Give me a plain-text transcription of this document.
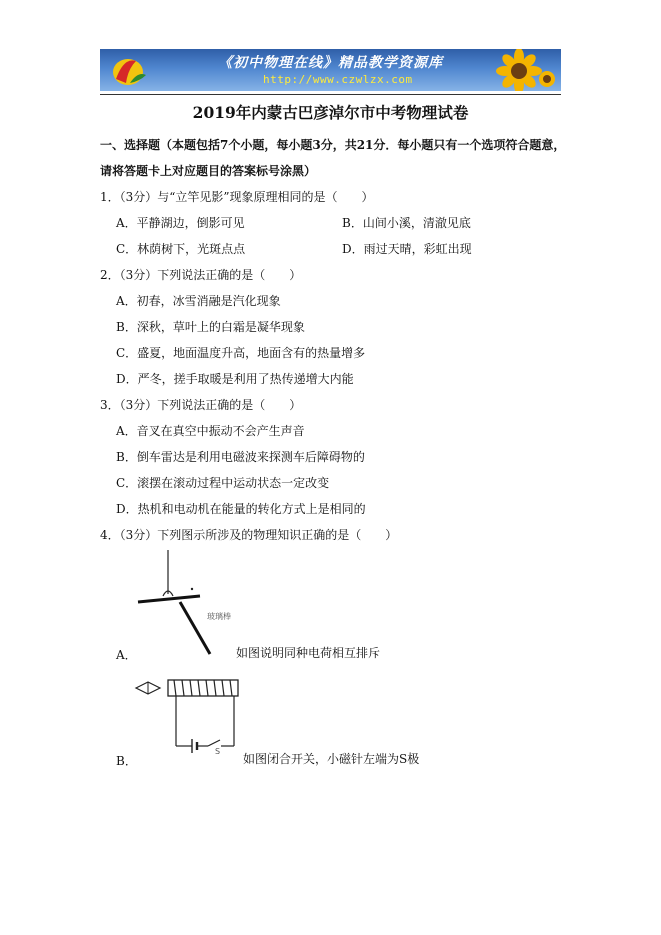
《初中物理在线》精品教学资源库
http://www.czwlzx.com
2019年内蒙古巴彦淖尔市中考物理试卷
一、选择题（本题包括7个小题，每小题3分，共21分．每小题只有一个选项符合题意，
请将答题卡上对应题目的答案标号涂黑）
1．（3分）与“立竿见影”现象原理相同的是（　　）
A．平静湖边，倒影可见	B．山间小溪，清澈见底
C．林荫树下，光斑点点	D．雨过天晴，彩虹出现
2．（3分）下列说法正确的是（　　）
A．初春，冰雪消融是汽化现象
B．深秋，草叶上的白霜是凝华现象
C．盛夏，地面温度升高，地面含有的热量增多
D．严冬，搓手取暖是利用了热传递增大内能
3．（3分）下列说法正确的是（　　）
A．音叉在真空中振动不会产生声音
B．倒车雷达是利用电磁波来探测车后障碍物的
C．滚摆在滚动过程中运动状态一定改变
D．热机和电动机在能量的转化方式上是相同的
4．（3分）下列图示所涉及的物理知识正确的是（　　）
玻璃棒
A．	如图说明同种电荷相互排斥
S
B．	如图闭合开关，小磁针左端为S极
